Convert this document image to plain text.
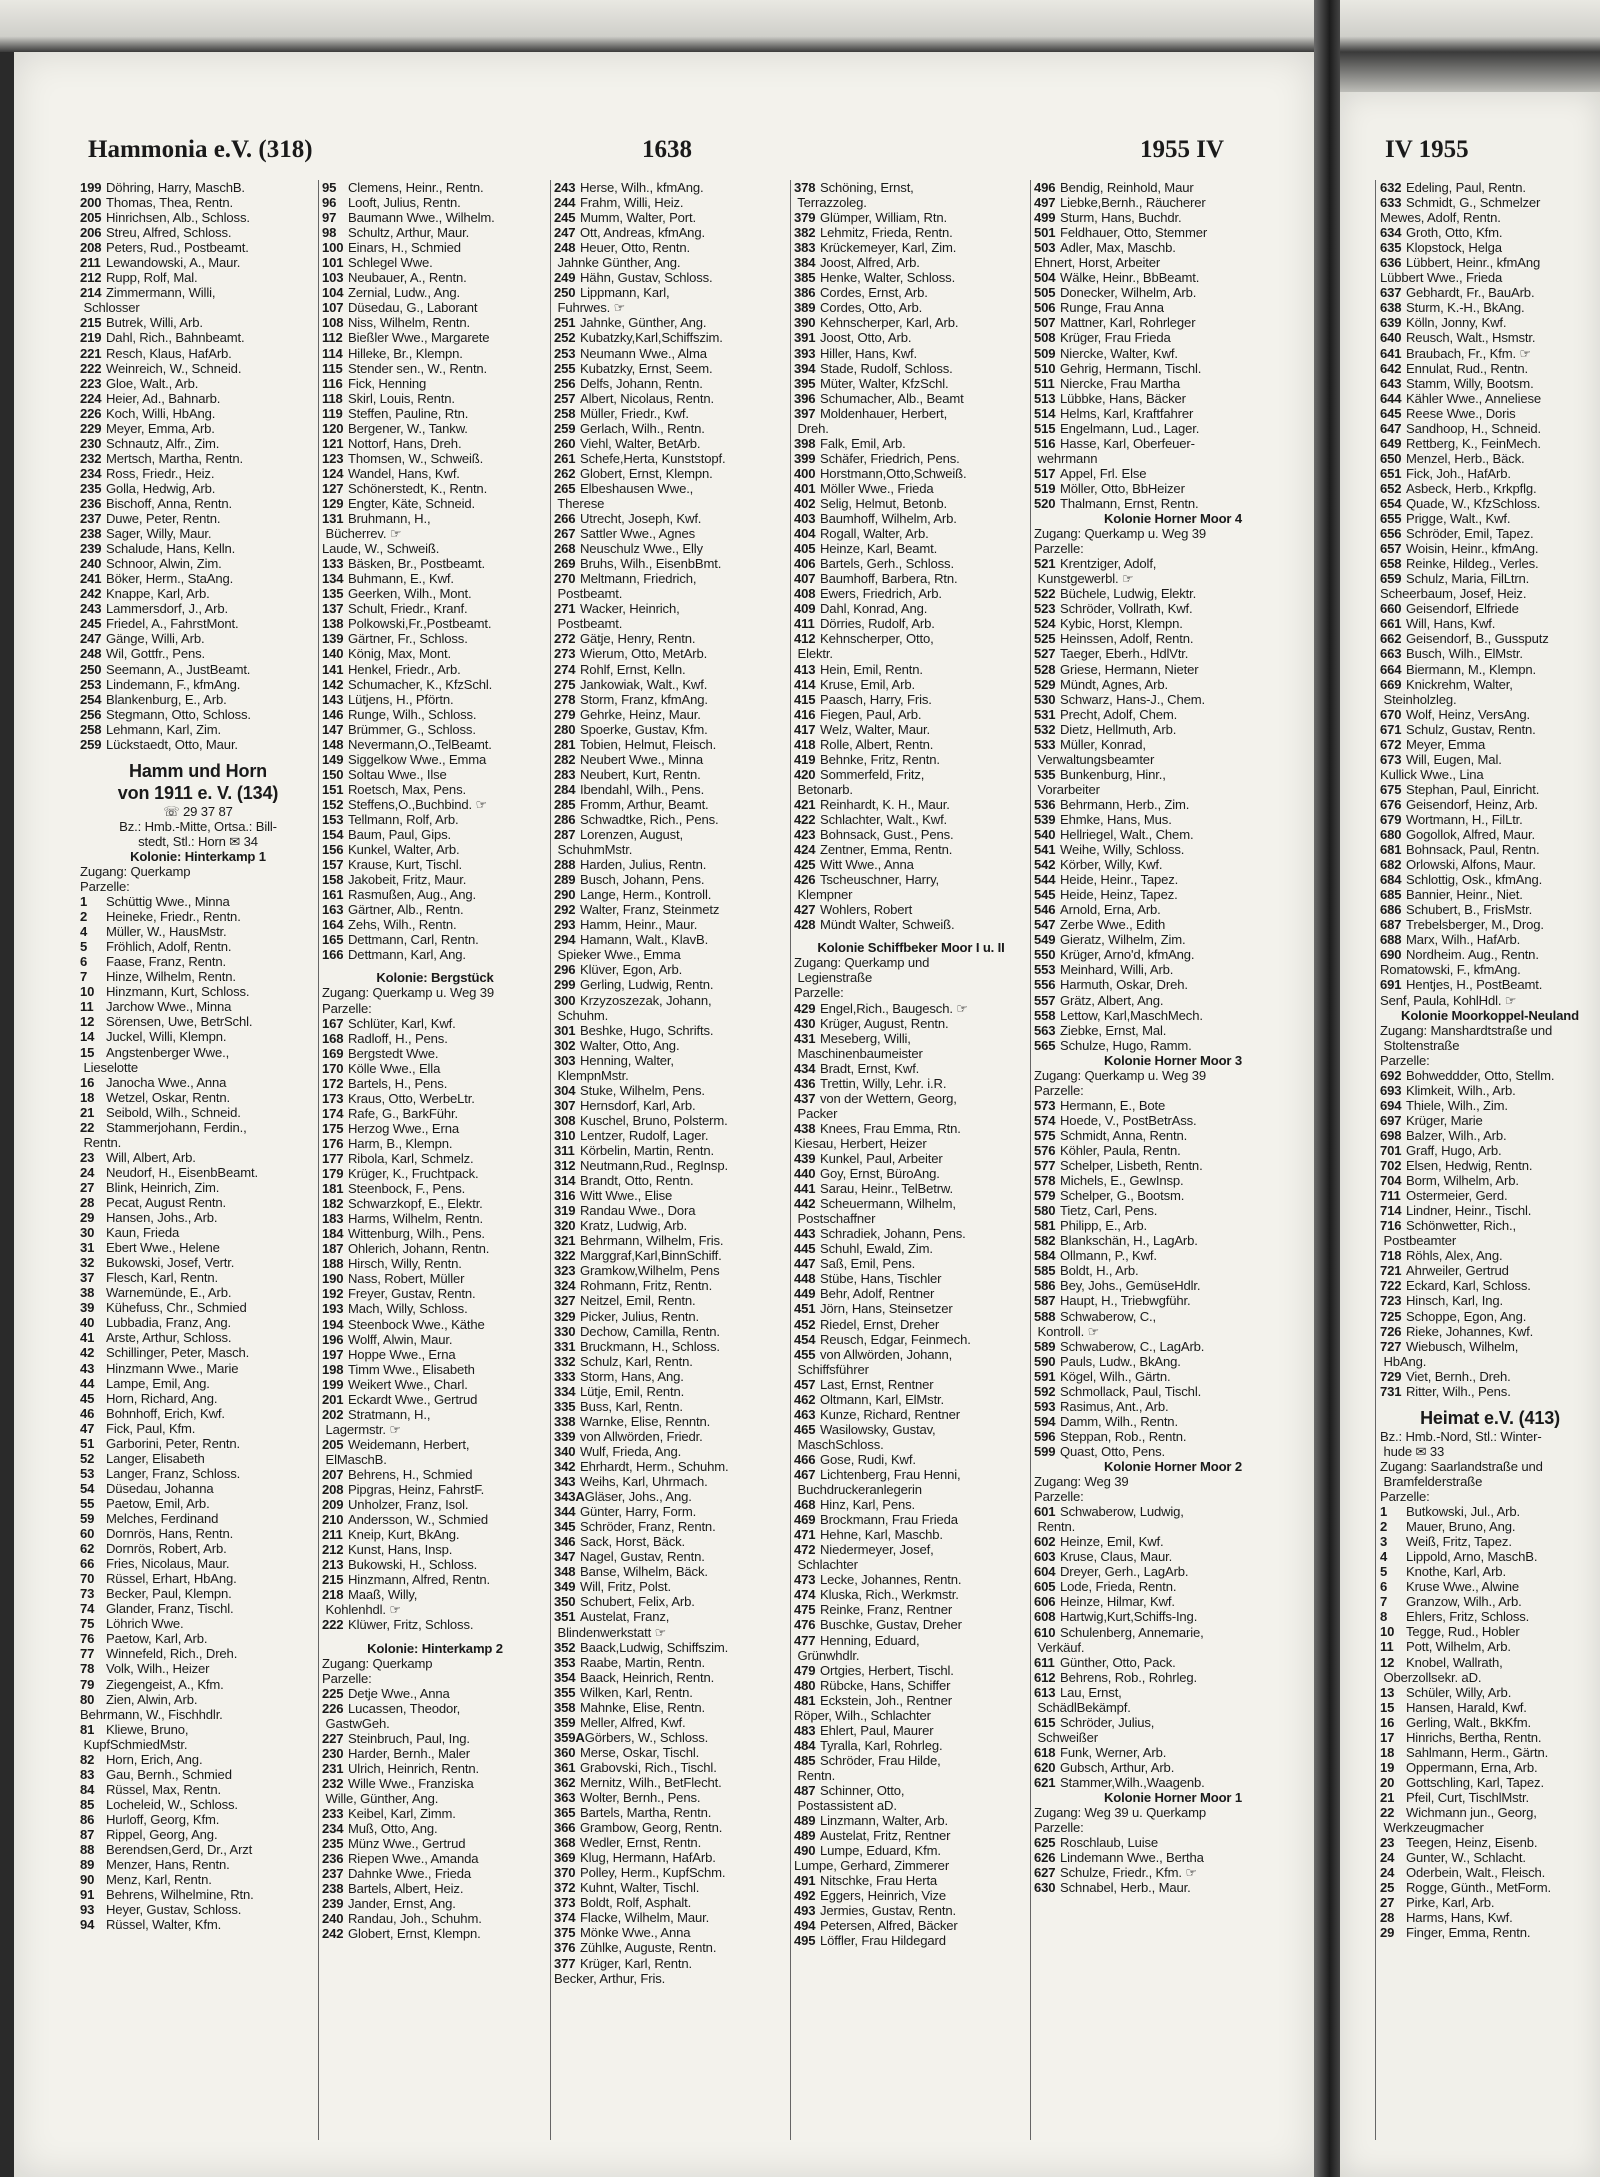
Hammonia e.V. (318)	1638	1955 IV	IV 1955
199 Döhring, Harry, MaschB.
200 Thomas, Thea, Rentn.
205 Hinrichsen, Alb., Schloss.
206 Streu, Alfred, Schloss.
208 Peters, Rud., Postbeamt.
211 Lewandowski, A., Maur.
212 Rupp, Rolf, Mal.
214 Zimmermann, Willi,
Schlosser
215 Butrek, Willi, Arb.
219 Dahl, Rich., Bahnbeamt.
221 Resch, Klaus, HafArb.
222 Weinreich, W., Schneid.
223 Gloe, Walt., Arb.
224 Heier, Ad., Bahnarb.
226 Koch, Willi, HbAng.
229 Meyer, Emma, Arb.
230 Schnautz, Alfr., Zim.
232 Mertsch, Martha, Rentn.
234 Ross, Friedr., Heiz.
235 Golla, Hedwig, Arb.
236 Bischoff, Anna, Rentn.
237 Duwe, Peter, Rentn.
238 Sager, Willy, Maur.
239 Schalude, Hans, Kelln.
240 Schnoor, Alwin, Zim.
241 Böker, Herm., StaAng.
242 Knappe, Karl, Arb.
243 Lammersdorf, J., Arb.
245 Friedel, A., FahrstMont.
247 Gänge, Willi, Arb.
248 Wil, Gottfr., Pens.
250 Seemann, A., JustBeamt.
253 Lindemann, F., kfmAng.
254 Blankenburg, E., Arb.
256 Stegmann, Otto, Schloss.
258 Lehmann, Karl, Zim.
259 Lückstaedt, Otto, Maur.
Hamm und Horn
von 1911 e. V. (134)
☏ 29 37 87
Bz.: Hmb.-Mitte, Ortsa.: Bill-
stedt, Stl.: Horn ✉ 34
Kolonie: Hinterkamp 1
Zugang: Querkamp
Parzelle:
1 Schüttig Wwe., Minna
2 Heineke, Friedr., Rentn.
4 Müller, W., HausMstr.
5 Fröhlich, Adolf, Rentn.
6 Faase, Franz, Rentn.
7 Hinze, Wilhelm, Rentn.
10 Hinzmann, Kurt, Schloss.
11 Jarchow Wwe., Minna
12 Sörensen, Uwe, BetrSchl.
14 Juckel, Willi, Klempn.
15 Angstenberger Wwe.,
Lieselotte
16 Janocha Wwe., Anna
18 Wetzel, Oskar, Rentn.
21 Seibold, Wilh., Schneid.
22 Stammerjohann, Ferdin.,
Rentn.
23 Will, Albert, Arb.
24 Neudorf, H., EisenbBeamt.
27 Blink, Heinrich, Zim.
28 Pecat, August Rentn.
29 Hansen, Johs., Arb.
30 Kaun, Frieda
31 Ebert Wwe., Helene
32 Bukowski, Josef, Vertr.
37 Flesch, Karl, Rentn.
38 Warnemünde, E., Arb.
39 Kühefuss, Chr., Schmied
40 Lubbadia, Franz, Ang.
41 Arste, Arthur, Schloss.
42 Schillinger, Peter, Masch.
43 Hinzmann Wwe., Marie
44 Lampe, Emil, Ang.
45 Horn, Richard, Ang.
46 Bohnhoff, Erich, Kwf.
47 Fick, Paul, Kfm.
51 Garborini, Peter, Rentn.
52 Langer, Elisabeth
53 Langer, Franz, Schloss.
54 Düsedau, Johanna
55 Paetow, Emil, Arb.
59 Melches, Ferdinand
60 Dornrös, Hans, Rentn.
62 Dornrös, Robert, Arb.
66 Fries, Nicolaus, Maur.
70 Rüssel, Erhart, HbAng.
73 Becker, Paul, Klempn.
74 Glander, Franz, Tischl.
75 Löhrich Wwe.
76 Paetow, Karl, Arb.
77 Winnefeld, Rich., Dreh.
78 Volk, Wilh., Heizer
79 Ziegengeist, A., Kfm.
80 Zien, Alwin, Arb.
Behrmann, W., Fischhdlr.
81 Kliewe, Bruno,
KupfSchmiedMstr.
82 Horn, Erich, Ang.
83 Gau, Bernh., Schmied
84 Rüssel, Max, Rentn.
85 Locheleid, W., Schloss.
86 Hurloff, Georg, Kfm.
87 Rippel, Georg, Ang.
88 Berendsen,Gerd, Dr., Arzt
89 Menzer, Hans, Rentn.
90 Menz, Karl, Rentn.
91 Behrens, Wilhelmine, Rtn.
93 Heyer, Gustav, Schloss.
94 Rüssel, Walter, Kfm.
95 Clemens, Heinr., Rentn.
96 Looft, Julius, Rentn.
97 Baumann Wwe., Wilhelm.
98 Schultz, Arthur, Maur.
100 Einars, H., Schmied
101 Schlegel Wwe.
103 Neubauer, A., Rentn.
104 Zernial, Ludw., Ang.
107 Düsedau, G., Laborant
108 Niss, Wilhelm, Rentn.
112 Bießler Wwe., Margarete
114 Hilleke, Br., Klempn.
115 Stender sen., W., Rentn.
116 Fick, Henning
118 Skirl, Louis, Rentn.
119 Steffen, Pauline, Rtn.
120 Bergener, W., Tankw.
121 Nottorf, Hans, Dreh.
123 Thomsen, W., Schweiß.
124 Wandel, Hans, Kwf.
127 Schönerstedt, K., Rentn.
129 Engter, Käte, Schneid.
131 Bruhmann, H.,
Bücherrev. ☞
Laude, W., Schweiß.
133 Bäsken, Br., Postbeamt.
134 Buhmann, E., Kwf.
135 Geerken, Wilh., Mont.
137 Schult, Friedr., Kranf.
138 Polkowski,Fr.,Postbeamt.
139 Gärtner, Fr., Schloss.
140 König, Max, Mont.
141 Henkel, Friedr., Arb.
142 Schumacher, K., KfzSchl.
143 Lütjens, H., Pförtn.
146 Runge, Wilh., Schloss.
147 Brümmer, G., Schloss.
148 Nevermann,O.,TelBeamt.
149 Siggelkow Wwe., Emma
150 Soltau Wwe., Ilse
151 Roetsch, Max, Pens.
152 Steffens,O.,Buchbind. ☞
153 Tellmann, Rolf, Arb.
154 Baum, Paul, Gips.
156 Kunkel, Walter, Arb.
157 Krause, Kurt, Tischl.
158 Jakobeit, Fritz, Maur.
161 Rasmußen, Aug., Ang.
163 Gärtner, Alb., Rentn.
164 Zehs, Wilh., Rentn.
165 Dettmann, Carl, Rentn.
166 Dettmann, Karl, Ang.
Kolonie: Bergstück
Zugang: Querkamp u. Weg 39
Parzelle:
167 Schlüter, Karl, Kwf.
168 Radloff, H., Pens.
169 Bergstedt Wwe.
170 Kölle Wwe., Ella
172 Bartels, H., Pens.
173 Kraus, Otto, WerbeLtr.
174 Rafe, G., BarkFühr.
175 Herzog Wwe., Erna
176 Harm, B., Klempn.
177 Ribola, Karl, Schmelz.
179 Krüger, K., Fruchtpack.
181 Steenbock, F., Pens.
182 Schwarzkopf, E., Elektr.
183 Harms, Wilhelm, Rentn.
184 Wittenburg, Wilh., Pens.
187 Ohlerich, Johann, Rentn.
188 Hirsch, Willy, Rentn.
190 Nass, Robert, Müller
192 Freyer, Gustav, Rentn.
193 Mach, Willy, Schloss.
194 Steenbock Wwe., Käthe
196 Wolff, Alwin, Maur.
197 Hoppe Wwe., Erna
198 Timm Wwe., Elisabeth
199 Weikert Wwe., Charl.
201 Eckardt Wwe., Gertrud
202 Stratmann, H.,
Lagermstr. ☞
205 Weidemann, Herbert,
ElMaschB.
207 Behrens, H., Schmied
208 Pipgras, Heinz, FahrstF.
209 Unholzer, Franz, Isol.
210 Andersson, W., Schmied
211 Kneip, Kurt, BkAng.
212 Kunst, Hans, Insp.
213 Bukowski, H., Schloss.
215 Hinzmann, Alfred, Rentn.
218 Maaß, Willy,
Kohlenhdl. ☞
222 Klüwer, Fritz, Schloss.
Kolonie: Hinterkamp 2
Zugang: Querkamp
Parzelle:
225 Detje Wwe., Anna
226 Lucassen, Theodor,
GastwGeh.
227 Steinbruch, Paul, Ing.
230 Harder, Bernh., Maler
231 Ulrich, Heinrich, Rentn.
232 Wille Wwe., Franziska
Wille, Günther, Ang.
233 Keibel, Karl, Zimm.
234 Muß, Otto, Ang.
235 Münz Wwe., Gertrud
236 Riepen Wwe., Amanda
237 Dahnke Wwe., Frieda
238 Bartels, Albert, Heiz.
239 Jander, Ernst, Ang.
240 Randau, Joh., Schuhm.
242 Globert, Ernst, Klempn.
243 Herse, Wilh., kfmAng.
244 Frahm, Willi, Heiz.
245 Mumm, Walter, Port.
247 Ott, Andreas, kfmAng.
248 Heuer, Otto, Rentn.
Jahnke Günther, Ang.
249 Hähn, Gustav, Schloss.
250 Lippmann, Karl,
Fuhrwes. ☞
251 Jahnke, Günther, Ang.
252 Kubatzky,Karl,Schiffszim.
253 Neumann Wwe., Alma
255 Kubatzky, Ernst, Seem.
256 Delfs, Johann, Rentn.
257 Albert, Nicolaus, Rentn.
258 Müller, Friedr., Kwf.
259 Gerlach, Wilh., Rentn.
260 Viehl, Walter, BetArb.
261 Schefe,Herta, Kunststopf.
262 Globert, Ernst, Klempn.
265 Elbeshausen Wwe.,
Therese
266 Utrecht, Joseph, Kwf.
267 Sattler Wwe., Agnes
268 Neuschulz Wwe., Elly
269 Bruhs, Wilh., EisenbBmt.
270 Meltmann, Friedrich,
Postbeamt.
271 Wacker, Heinrich,
Postbeamt.
272 Gätje, Henry, Rentn.
273 Wierum, Otto, MetArb.
274 Rohlf, Ernst, Kelln.
275 Jankowiak, Walt., Kwf.
278 Storm, Franz, kfmAng.
279 Gehrke, Heinz, Maur.
280 Spoerke, Gustav, Kfm.
281 Tobien, Helmut, Fleisch.
282 Neubert Wwe., Minna
283 Neubert, Kurt, Rentn.
284 Ibendahl, Wilh., Pens.
285 Fromm, Arthur, Beamt.
286 Schwadtke, Rich., Pens.
287 Lorenzen, August,
SchuhmMstr.
288 Harden, Julius, Rentn.
289 Busch, Johann, Pens.
290 Lange, Herm., Kontroll.
292 Walter, Franz, Steinmetz
293 Hamm, Heinr., Maur.
294 Hamann, Walt., KlavB.
Spieker Wwe., Emma
296 Klüver, Egon, Arb.
299 Gerling, Ludwig, Rentn.
300 Krzyzoszezak, Johann,
Schuhm.
301 Beshke, Hugo, Schrifts.
302 Walter, Otto, Ang.
303 Henning, Walter,
KlempnMstr.
304 Stuke, Wilhelm, Pens.
307 Hernsdorf, Karl, Arb.
308 Kuschel, Bruno, Polsterm.
310 Lentzer, Rudolf, Lager.
311 Körbelin, Martin, Rentn.
312 Neutmann,Rud., RegInsp.
314 Brandt, Otto, Rentn.
316 Witt Wwe., Elise
319 Randau Wwe., Dora
320 Kratz, Ludwig, Arb.
321 Behrmann, Wilhelm, Fris.
322 Marggraf,Karl,BinnSchiff.
323 Gramkow,Wilhelm, Pens
324 Rohmann, Fritz, Rentn.
327 Neitzel, Emil, Rentn.
329 Picker, Julius, Rentn.
330 Dechow, Camilla, Rentn.
331 Bruckmann, H., Schloss.
332 Schulz, Karl, Rentn.
333 Storm, Hans, Ang.
334 Lütje, Emil, Rentn.
335 Buss, Karl, Rentn.
338 Warnke, Elise, Renntn.
339 von Allwörden, Friedr.
340 Wulf, Frieda, Ang.
342 Ehrhardt, Herm., Schuhm.
343 Weihs, Karl, Uhrmach.
343AGläser, Johs., Ang.
344 Günter, Harry, Form.
345 Schröder, Franz, Rentn.
346 Sack, Horst, Bäck.
347 Nagel, Gustav, Rentn.
348 Banse, Wilhelm, Bäck.
349 Will, Fritz, Polst.
350 Schubert, Felix, Arb.
351 Austelat, Franz,
Blindenwerkstatt ☞
352 Baack,Ludwig, Schiffszim.
353 Raabe, Martin, Rentn.
354 Baack, Heinrich, Rentn.
355 Wilken, Karl, Rentn.
358 Mahnke, Elise, Rentn.
359 Meller, Alfred, Kwf.
359AGörbers, W., Schloss.
360 Merse, Oskar, Tischl.
361 Grabovski, Rich., Tischl.
362 Mernitz, Wilh., BetFlecht.
363 Wolter, Bernh., Pens.
365 Bartels, Martha, Rentn.
366 Grambow, Georg, Rentn.
368 Wedler, Ernst, Rentn.
369 Klug, Hermann, HafArb.
370 Polley, Herm., KupfSchm.
372 Kuhnt, Walter, Tischl.
373 Boldt, Rolf, Asphalt.
374 Flacke, Wilhelm, Maur.
375 Mönke Wwe., Anna
376 Zühlke, Auguste, Rentn.
377 Krüger, Karl, Rentn.
Becker, Arthur, Fris.
378 Schöning, Ernst,
Terrazzoleg.
379 Glümper, William, Rtn.
382 Lehmitz, Frieda, Rentn.
383 Krückemeyer, Karl, Zim.
384 Joost, Alfred, Arb.
385 Henke, Walter, Schloss.
386 Cordes, Ernst, Arb.
389 Cordes, Otto, Arb.
390 Kehnscherper, Karl, Arb.
391 Joost, Otto, Arb.
393 Hiller, Hans, Kwf.
394 Stade, Rudolf, Schloss.
395 Müter, Walter, KfzSchl.
396 Schumacher, Alb., Beamt
397 Moldenhauer, Herbert,
Dreh.
398 Falk, Emil, Arb.
399 Schäfer, Friedrich, Pens.
400 Horstmann,Otto,Schweiß.
401 Möller Wwe., Frieda
402 Selig, Helmut, Betonb.
403 Baumhoff, Wilhelm, Arb.
404 Rogall, Walter, Arb.
405 Heinze, Karl, Beamt.
406 Bartels, Gerh., Schloss.
407 Baumhoff, Barbera, Rtn.
408 Ewers, Friedrich, Arb.
409 Dahl, Konrad, Ang.
411 Dörries, Rudolf, Arb.
412 Kehnscherper, Otto,
Elektr.
413 Hein, Emil, Rentn.
414 Kruse, Emil, Arb.
415 Paasch, Harry, Fris.
416 Fiegen, Paul, Arb.
417 Welz, Walter, Maur.
418 Rolle, Albert, Rentn.
419 Behnke, Fritz, Rentn.
420 Sommerfeld, Fritz,
Betonarb.
421 Reinhardt, K. H., Maur.
422 Schlachter, Walt., Kwf.
423 Bohnsack, Gust., Pens.
424 Zentner, Emma, Rentn.
425 Witt Wwe., Anna
426 Tscheuschner, Harry,
Klempner
427 Wohlers, Robert
428 Mündt Walter, Schweiß.
Kolonie Schiffbeker Moor I u. II
Zugang: Querkamp und
Legienstraße
Parzelle:
429 Engel,Rich., Baugesch. ☞
430 Krüger, August, Rentn.
431 Meseberg, Willi,
Maschinenbaumeister
434 Bradt, Ernst, Kwf.
436 Trettin, Willy, Lehr. i.R.
437 von der Wettern, Georg,
Packer
438 Knees, Frau Emma, Rtn.
Kiesau, Herbert, Heizer
439 Kunkel, Paul, Arbeiter
440 Goy, Ernst, BüroAng.
441 Sarau, Heinr., TelBetrw.
442 Scheuermann, Wilhelm,
Postschaffner
443 Schradiek, Johann, Pens.
445 Schuhl, Ewald, Zim.
447 Saß, Emil, Pens.
448 Stübe, Hans, Tischler
449 Behr, Adolf, Rentner
451 Jörn, Hans, Steinsetzer
452 Riedel, Ernst, Dreher
454 Reusch, Edgar, Feinmech.
455 von Allwörden, Johann,
Schiffsführer
457 Last, Ernst, Rentner
462 Oltmann, Karl, ElMstr.
463 Kunze, Richard, Rentner
465 Wasilowsky, Gustav,
MaschSchloss.
466 Gose, Rudi, Kwf.
467 Lichtenberg, Frau Henni,
Buchdruckeranlegerin
468 Hinz, Karl, Pens.
469 Brockmann, Frau Frieda
471 Hehne, Karl, Maschb.
472 Niedermeyer, Josef,
Schlachter
473 Lecke, Johannes, Rentn.
474 Kluska, Rich., Werkmstr.
475 Reinke, Franz, Rentner
476 Buschke, Gustav, Dreher
477 Henning, Eduard,
Grünwhdlr.
479 Ortgies, Herbert, Tischl.
480 Rübcke, Hans, Schiffer
481 Eckstein, Joh., Rentner
Röper, Wilh., Schlachter
483 Ehlert, Paul, Maurer
484 Tyralla, Karl, Rohrleg.
485 Schröder, Frau Hilde,
Rentn.
487 Schinner, Otto,
Postassistent aD.
489 Linzmann, Walter, Arb.
489 Austelat, Fritz, Rentner
490 Lumpe, Eduard, Kfm.
Lumpe, Gerhard, Zimmerer
491 Nitschke, Frau Herta
492 Eggers, Heinrich, Vize
493 Jermies, Gustav, Rentn.
494 Petersen, Alfred, Bäcker
495 Löffler, Frau Hildegard
496 Bendig, Reinhold, Maur
497 Liebke,Bernh., Räucherer
499 Sturm, Hans, Buchdr.
501 Feldhauer, Otto, Stemmer
503 Adler, Max, Maschb.
Ehnert, Horst, Arbeiter
504 Wälke, Heinr., BbBeamt.
505 Donecker, Wilhelm, Arb.
506 Runge, Frau Anna
507 Mattner, Karl, Rohrleger
508 Krüger, Frau Frieda
509 Niercke, Walter, Kwf.
510 Gehrig, Hermann, Tischl.
511 Niercke, Frau Martha
513 Lübbke, Hans, Bäcker
514 Helms, Karl, Kraftfahrer
515 Engelmann, Lud., Lager.
516 Hasse, Karl, Oberfeuer-
wehrmann
517 Appel, Frl. Else
519 Möller, Otto, BbHeizer
520 Thalmann, Ernst, Rentn.
Kolonie Horner Moor 4
Zugang: Querkamp u. Weg 39
Parzelle:
521 Krentziger, Adolf,
Kunstgewerbl. ☞
522 Büchele, Ludwig, Elektr.
523 Schröder, Vollrath, Kwf.
524 Kybic, Horst, Klempn.
525 Heinssen, Adolf, Rentn.
527 Taeger, Eberh., HdlVtr.
528 Griese, Hermann, Nieter
529 Mündt, Agnes, Arb.
530 Schwarz, Hans-J., Chem.
531 Precht, Adolf, Chem.
532 Dietz, Hellmuth, Arb.
533 Müller, Konrad,
Verwaltungsbeamter
535 Bunkenburg, Hinr.,
Vorarbeiter
536 Behrmann, Herb., Zim.
539 Ehmke, Hans, Mus.
540 Hellriegel, Walt., Chem.
541 Weihe, Willy, Schloss.
542 Körber, Willy, Kwf.
544 Heide, Heinr., Tapez.
545 Heide, Heinz, Tapez.
546 Arnold, Erna, Arb.
547 Zerbe Wwe., Edith
549 Gieratz, Wilhelm, Zim.
550 Krüger, Arno'd, kfmAng.
553 Meinhard, Willi, Arb.
556 Harmuth, Oskar, Dreh.
557 Grätz, Albert, Ang.
558 Lettow, Karl,MaschMech.
563 Ziebke, Ernst, Mal.
565 Schulze, Hugo, Ramm.
Kolonie Horner Moor 3
Zugang: Querkamp u. Weg 39
Parzelle:
573 Hermann, E., Bote
574 Hoede, V., PostBetrAss.
575 Schmidt, Anna, Rentn.
576 Köhler, Paula, Rentn.
577 Schelper, Lisbeth, Rentn.
578 Michels, E., GewInsp.
579 Schelper, G., Bootsm.
580 Tietz, Carl, Pens.
581 Philipp, E., Arb.
582 Blankschän, H., LagArb.
584 Ollmann, P., Kwf.
585 Boldt, H., Arb.
586 Bey, Johs., GemüseHdlr.
587 Haupt, H., Triebwgführ.
588 Schwaberow, C.,
Kontroll. ☞
589 Schwaberow, C., LagArb.
590 Pauls, Ludw., BkAng.
591 Kögel, Wilh., Gärtn.
592 Schmollack, Paul, Tischl.
593 Rasimus, Ant., Arb.
594 Damm, Wilh., Rentn.
596 Steppan, Rob., Rentn.
599 Quast, Otto, Pens.
Kolonie Horner Moor 2
Zugang: Weg 39
Parzelle:
601 Schwaberow, Ludwig,
Rentn.
602 Heinze, Emil, Kwf.
603 Kruse, Claus, Maur.
604 Dreyer, Gerh., LagArb.
605 Lode, Frieda, Rentn.
606 Heinze, Hilmar, Kwf.
608 Hartwig,Kurt,Schiffs-Ing.
610 Schulenberg, Annemarie,
Verkäuf.
611 Günther, Otto, Pack.
612 Behrens, Rob., Rohrleg.
613 Lau, Ernst,
SchädlBekämpf.
615 Schröder, Julius,
Schweißer
618 Funk, Werner, Arb.
620 Gubsch, Arthur, Arb.
621 Stammer,Wilh.,Waagenb.
Kolonie Horner Moor 1
Zugang: Weg 39 u. Querkamp
Parzelle:
625 Roschlaub, Luise
626 Lindemann Wwe., Bertha
627 Schulze, Friedr., Kfm. ☞
630 Schnabel, Herb., Maur.
632 Edeling, Paul, Rentn.
633 Schmidt, G., Schmelzer
Mewes, Adolf, Rentn.
634 Groth, Otto, Kfm.
635 Klopstock, Helga
636 Lübbert, Heinr., kfmAng
Lübbert Wwe., Frieda
637 Gebhardt, Fr., BauArb.
638 Sturm, K.-H., BkAng.
639 Kölln, Jonny, Kwf.
640 Reusch, Walt., Hsmstr.
641 Braubach, Fr., Kfm. ☞
642 Ennulat, Rud., Rentn.
643 Stamm, Willy, Bootsm.
644 Kähler Wwe., Anneliese
645 Reese Wwe., Doris
647 Sandhoop, H., Schneid.
649 Rettberg, K., FeinMech.
650 Menzel, Herb., Bäck.
651 Fick, Joh., HafArb.
652 Asbeck, Herb., Krkpflg.
654 Quade, W., KfzSchloss.
655 Prigge, Walt., Kwf.
656 Schröder, Emil, Tapez.
657 Woisin, Heinr., kfmAng.
658 Reinke, Hildeg., Verles.
659 Schulz, Maria, FilLtrn.
Scheerbaum, Josef, Heiz.
660 Geisendorf, Elfriede
661 Will, Hans, Kwf.
662 Geisendorf, B., Gussputz
663 Busch, Wilh., ElMstr.
664 Biermann, M., Klempn.
669 Knickrehm, Walter,
Steinholzleg.
670 Wolf, Heinz, VersAng.
671 Schulz, Gustav, Rentn.
672 Meyer, Emma
673 Will, Eugen, Mal.
Kullick Wwe., Lina
675 Stephan, Paul, Einricht.
676 Geisendorf, Heinz, Arb.
679 Wortmann, H., FilLtr.
680 Gogollok, Alfred, Maur.
681 Bohnsack, Paul, Rentn.
682 Orlowski, Alfons, Maur.
684 Schlottig, Osk., kfmAng.
685 Bannier, Heinr., Niet.
686 Schubert, B., FrisMstr.
687 Trebelsberger, M., Drog.
688 Marx, Wilh., HafArb.
690 Nordheim. Aug., Rentn.
Romatowski, F., kfmAng.
691 Hentjes, H., PostBeamt.
Senf, Paula, KohlHdl. ☞
Kolonie Moorkoppel-Neuland
Zugang: Manshardtstraße und
Stoltenstraße
Parzelle:
692 Bohweddder, Otto, Stellm.
693 Klimkeit, Wilh., Arb.
694 Thiele, Wilh., Zim.
697 Krüger, Marie
698 Balzer, Wilh., Arb.
701 Graff, Hugo, Arb.
702 Elsen, Hedwig, Rentn.
704 Borm, Wilhelm, Arb.
711 Ostermeier, Gerd.
714 Lindner, Heinr., Tischl.
716 Schönwetter, Rich.,
Postbeamter
718 Röhls, Alex, Ang.
721 Ahrweiler, Gertrud
722 Eckard, Karl, Schloss.
723 Hinsch, Karl, Ing.
725 Schoppe, Egon, Ang.
726 Rieke, Johannes, Kwf.
727 Wiebusch, Wilhelm,
HbAng.
729 Viet, Bernh., Dreh.
731 Ritter, Wilh., Pens.
Heimat e.V. (413)
Bz.: Hmb.-Nord, Stl.: Winter-
hude ✉ 33
Zugang: Saarlandstraße und
Bramfelderstraße
Parzelle:
1 Butkowski, Jul., Arb.
2 Mauer, Bruno, Ang.
3 Weiß, Fritz, Tapez.
4 Lippold, Arno, MaschB.
5 Knothe, Karl, Arb.
6 Kruse Wwe., Alwine
7 Granzow, Wilh., Arb.
8 Ehlers, Fritz, Schloss.
10 Tegge, Rud., Hobler
11 Pott, Wilhelm, Arb.
12 Knobel, Wallrath,
Oberzollsekr. aD.
13 Schüler, Willy, Arb.
15 Hansen, Harald, Kwf.
16 Gerling, Walt., BkKfm.
17 Hinrichs, Bertha, Rentn.
18 Sahlmann, Herm., Gärtn.
19 Oppermann, Erna, Arb.
20 Gottschling, Karl, Tapez.
21 Pfeil, Curt, TischlMstr.
22 Wichmann jun., Georg,
Werkzeugmacher
23 Teegen, Heinz, Eisenb.
24 Gunter, W., Schlacht.
24 Oderbein, Walt., Fleisch.
25 Rogge, Günth., MetForm.
27 Pirke, Karl, Arb.
28 Harms, Hans, Kwf.
29 Finger, Emma, Rentn.
